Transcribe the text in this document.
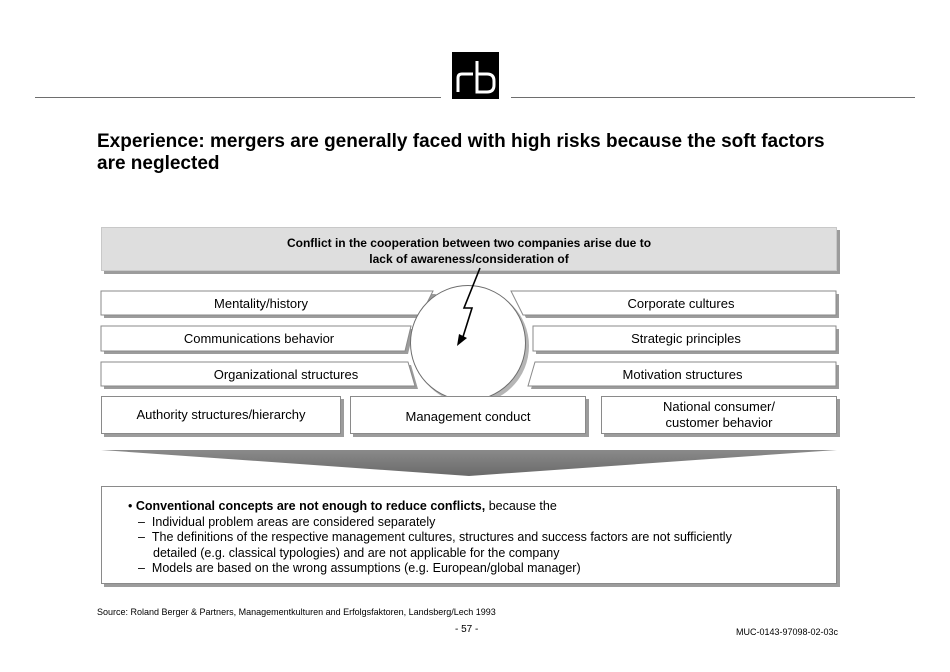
Experience: mergers are generally faced with high risks because the soft factors are neglected
Conflict in the cooperation between two companies arise due to
lack of awareness/consideration of
Mentality/history
Communications behavior
Organizational structures
Corporate cultures
Strategic principles
Motivation structures
Authority structures/hierarchy	Management conduct
National consumer/
customer behavior
• Conventional concepts are not enough to reduce conflicts, because the
–  Individual problem areas are considered separately
–  The definitions of the respective management cultures, structures and success factors are not sufficiently
detailed (e.g. classical typologies) and are not applicable for the company
–  Models are based on the wrong assumptions (e.g. European/global manager)
Source: Roland Berger & Partners, Managementkulturen and Erfolgsfaktoren, Landsberg/Lech 1993
- 57 -	MUC-0143-97098-02-03c
